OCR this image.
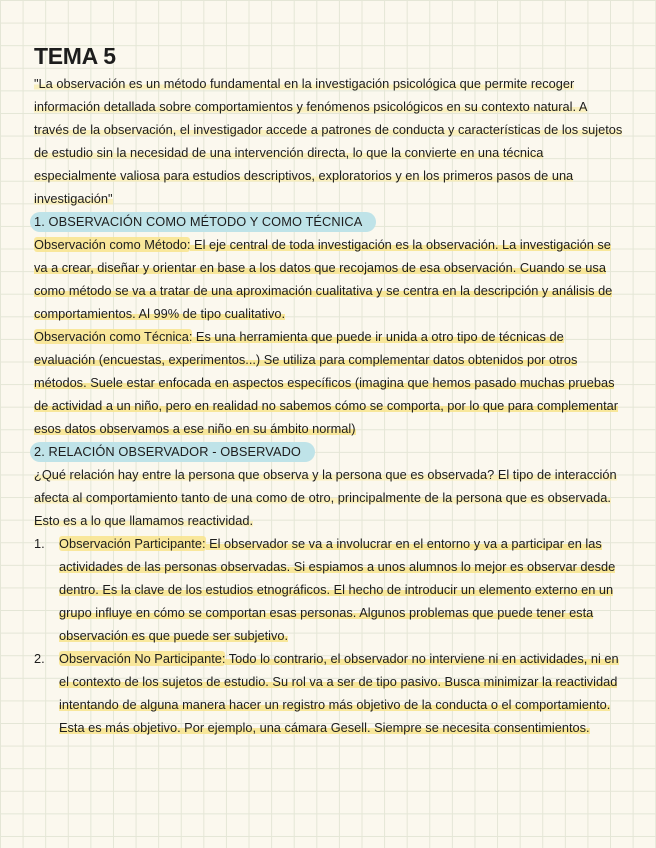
TEMA 5

"La observación es un método fundamental en la investigación psicológica que permite recoger información detallada sobre comportamientos y fenómenos psicológicos en su contexto natural. A través de la observación, el investigador accede a patrones de conducta y características de los sujetos de estudio sin la necesidad de una intervención directa, lo que la convierte en una técnica especialmente valiosa para estudios descriptivos, exploratorios y en los primeros pasos de una investigación"

1. OBSERVACIÓN COMO MÉTODO Y COMO TÉCNICA

Observación como Método: El eje central de toda investigación es la observación. La investigación se va a crear, diseñar y orientar en base a los datos que recojamos de esa observación. Cuando se usa como método se va a tratar de una aproximación cualitativa y se centra en la descripción y análisis de comportamientos. Al 99% de tipo cualitativo.

Observación como Técnica: Es una herramienta que puede ir unida a otro tipo de técnicas de evaluación (encuestas, experimentos...) Se utiliza para complementar datos obtenidos por otros métodos. Suele estar enfocada en aspectos específicos (imagina que hemos pasado muchas pruebas de actividad a un niño, pero en realidad no sabemos cómo se comporta, por lo que para complementar esos datos observamos a ese niño en su ámbito normal)

2. RELACIÓN OBSERVADOR - OBSERVADO

¿Qué relación hay entre la persona que observa y la persona que es observada? El tipo de interacción afecta al comportamiento tanto de una como de otro, principalmente de la persona que es observada. Esto es a lo que llamamos reactividad.

1.	Observación Participante: El observador se va a involucrar en el entorno y va a participar en las actividades de las personas observadas. Si espiamos a unos alumnos lo mejor es observar desde dentro. Es la clave de los estudios etnográficos. El hecho de introducir un elemento externo en un grupo influye en cómo se comportan esas personas. Algunos problemas que puede tener esta observación es que puede ser subjetivo.
2.	Observación No Participante: Todo lo contrario, el observador no interviene ni en actividades, ni en el contexto de los sujetos de estudio. Su rol va a ser de tipo pasivo. Busca minimizar la reactividad intentando de alguna manera hacer un registro más objetivo de la conducta o el comportamiento. Esta es más objetivo. Por ejemplo, una cámara Gesell. Siempre se necesita consentimientos.
